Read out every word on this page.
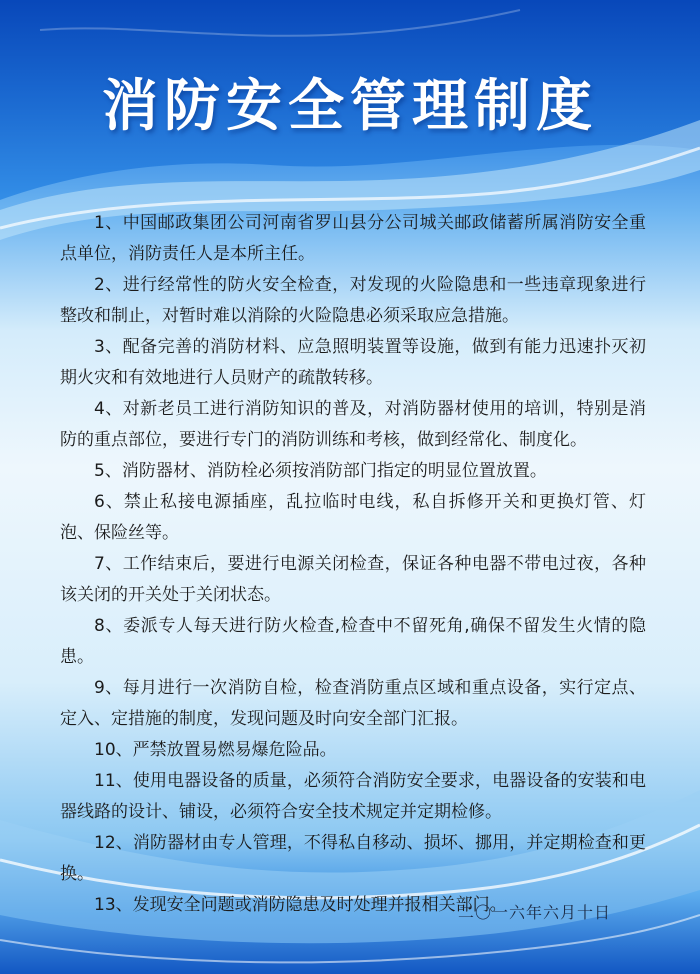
消防安全管理制度

1、中国邮政集团公司河南省罗山县分公司城关邮政储蓄所属消防安全重点单位，消防责任人是本所主任。

2、进行经常性的防火安全检查，对发现的火险隐患和一些违章现象进行整改和制止，对暂时难以消除的火险隐患必须采取应急措施。

3、配备完善的消防材料、应急照明装置等设施，做到有能力迅速扑灭初期火灾和有效地进行人员财产的疏散转移。

4、对新老员工进行消防知识的普及，对消防器材使用的培训，特别是消防的重点部位，要进行专门的消防训练和考核，做到经常化、制度化。

5、消防器材、消防栓必须按消防部门指定的明显位置放置。

6、禁止私接电源插座，乱拉临时电线，私自拆修开关和更换灯管、灯泡、保险丝等。

7、工作结束后，要进行电源关闭检查，保证各种电器不带电过夜，各种该关闭的开关处于关闭状态。

8、委派专人每天进行防火检查,检查中不留死角,确保不留发生火情的隐患。

9、每月进行一次消防自检，检查消防重点区域和重点设备，实行定点、定入、定措施的制度，发现问题及时向安全部门汇报。

10、严禁放置易燃易爆危险品。

11、使用电器设备的质量，必须符合消防安全要求，电器设备的安装和电器线路的设计、铺设，必须符合安全技术规定并定期检修。

12、消防器材由专人管理，不得私自移动、损坏、挪用，并定期检查和更换。

13、发现安全问题或消防隐患及时处理并报相关部门。

二〇一六年六月十日
